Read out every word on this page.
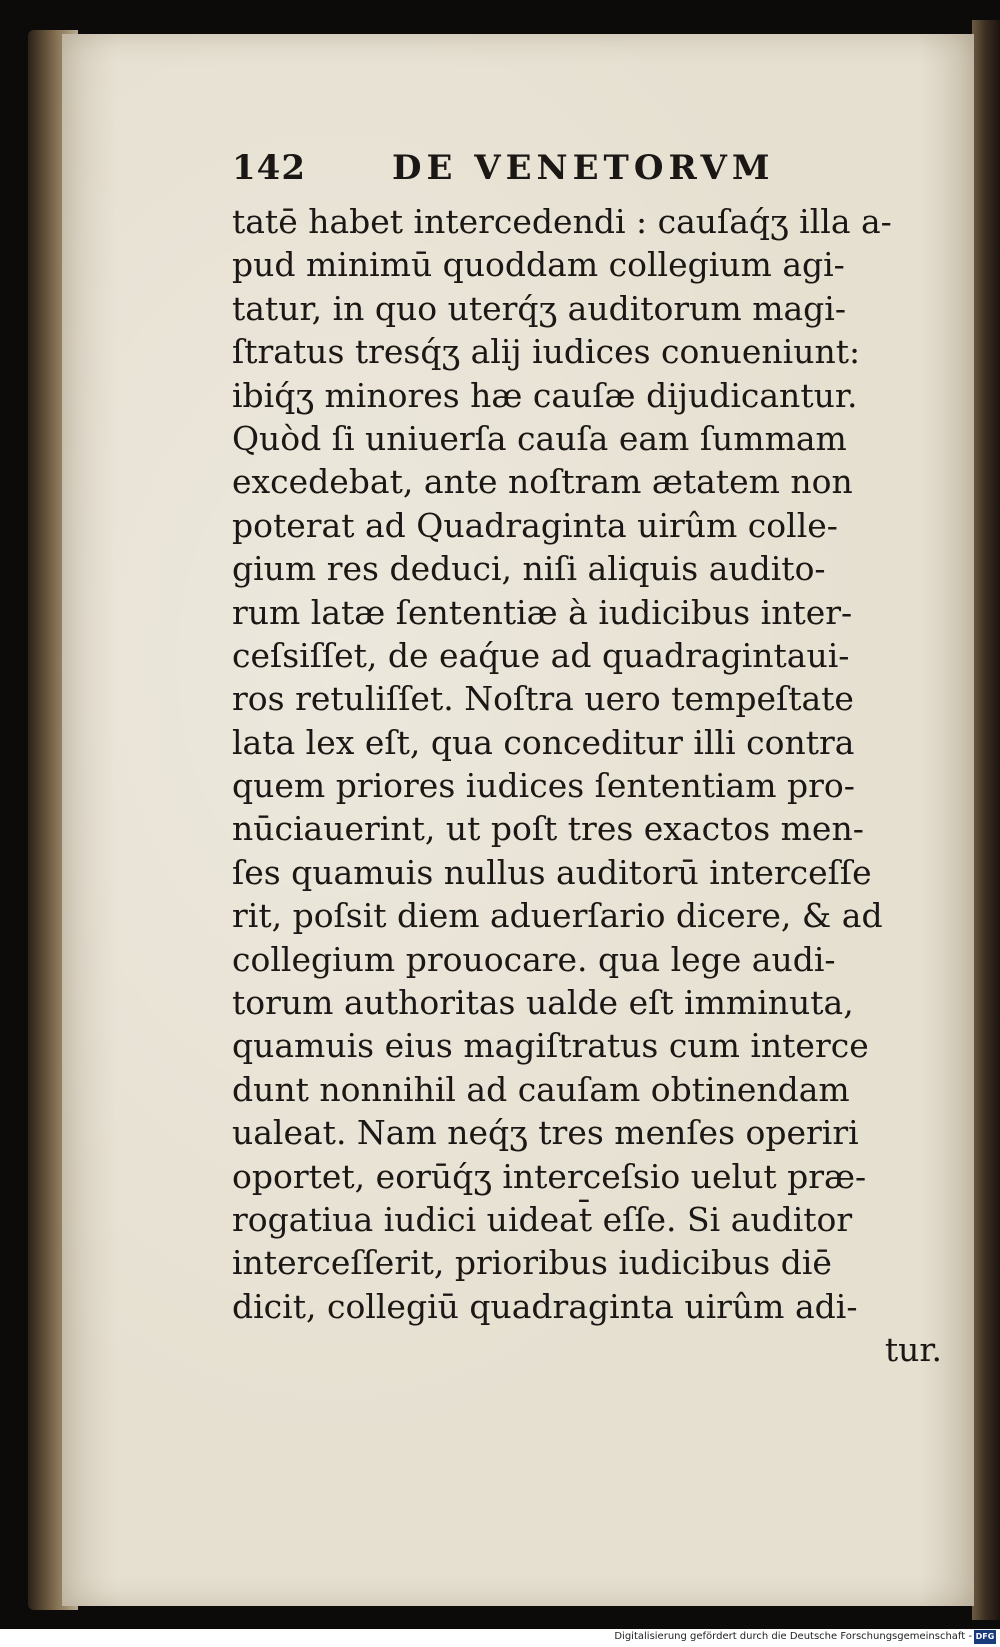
142	DE VENETORVM
tatē habet intercedendi : cauſaq́ʒ illa a-
pud minimū quoddam collegium agi-
tatur, in quo uterq́ʒ auditorum magi-
ſtratus tresq́ʒ alij iudices conueniunt:
ibiq́ʒ minores hæ cauſæ dijudicantur.
Quòd ſi uniuerſa cauſa eam ſummam
excedebat, ante noſtram ætatem non
poterat ad Quadraginta uirûm colle-
gium res deduci, niſi aliquis audito-
rum latæ ſententiæ à iudicibus inter-
ceſsiſſet, de eaq́ue ad quadragintaui-
ros retuliſſet. Noſtra uero tempeſtate
lata lex eſt, qua conceditur illi contra
quem priores iudices ſententiam pro-
nūciauerint, ut poſt tres exactos men-
ſes quamuis nullus auditorū interceſſe
rit, poſsit diem aduerſario dicere, & ad
collegium prouocare. qua lege audi-
torum authoritas ualde eſt imminuta,
quamuis eius magiſtratus cum interce
dunt nonnihil ad cauſam obtinendam
ualeat. Nam neq́ʒ tres menſes operiri
oportet, eorūq́ʒ interceſsio uelut præ-
rogatiua iudici uideat̄ eſſe. Si auditor
interceſſerit, prioribus iudicibus diē
dicit, collegiū quadraginta uirûm adi-
tur.
Digitalisierung gefördert durch die Deutsche Forschungsgemeinschaft - DFG
